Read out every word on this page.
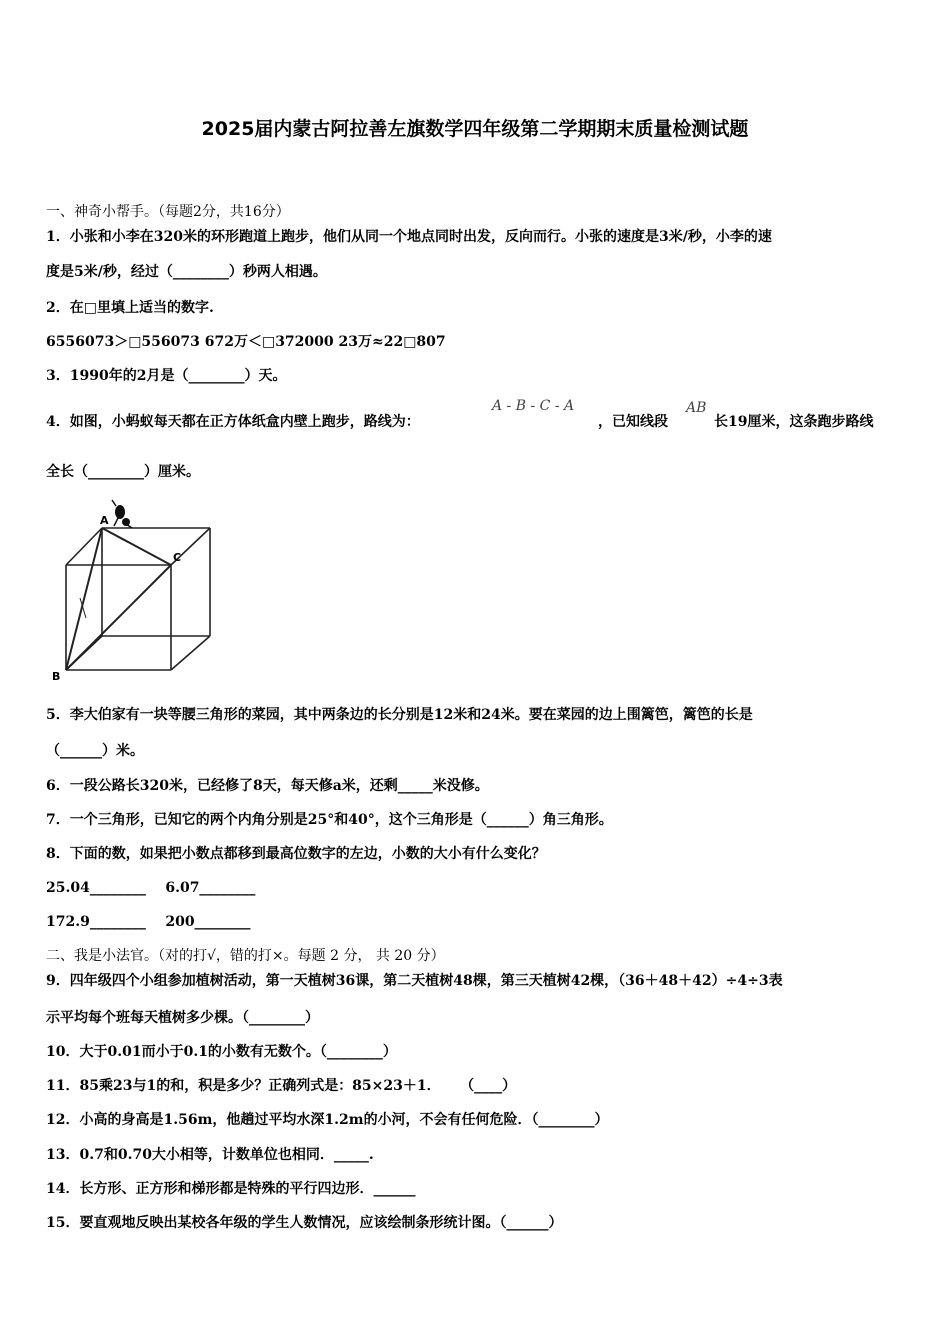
2025届内蒙古阿拉善左旗数学四年级第二学期期末质量检测试题
一、神奇小帮手。（每题2分，共16分）
1．小张和小李在320米的环形跑道上跑步，他们从同一个地点同时出发，反向而行。小张的速度是3米/秒，小李的速
度是5米/秒，经过（________）秒两人相遇。
2．在□里填上适当的数字.
6556073＞□556073 672万＜□372000 23万≈22□807
3．1990年的2月是（________）天。
4．如图，小蚂蚁每天都在正方体纸盒内壁上跑步，路线为：
A - B - C - A
，已知线段
AB
长19厘米，这条跑步路线
全长（________）厘米。
A
C
B
5．李大伯家有一块等腰三角形的菜园，其中两条边的长分别是12米和24米。要在菜园的边上围篱笆，篱笆的长是
（______）米。
6．一段公路长320米，已经修了8天，每天修a米，还剩_____米没修。
7．一个三角形，已知它的两个内角分别是25°和40°，这个三角形是（______）角三角形。
8．下面的数，如果把小数点都移到最高位数字的左边，小数的大小有什么变化？
25.04________    6.07________
172.9________    200________
二、我是小法官。（对的打√，错的打×。每题 2 分， 共 20 分）
9．四年级四个小组参加植树活动，第一天植树36课，第二天植树48棵，第三天植树42棵，（36＋48＋42）÷4÷3表
示平均每个班每天植树多少棵。（________）
10．大于0.01而小于0.1的小数有无数个。（________）
11．85乘23与1的和，积是多少？正确列式是：85×23＋1．    （____）
12．小高的身高是1.56m，他趟过平均水深1.2m的小河，不会有任何危险．（________）
13．0.7和0.70大小相等，计数单位也相同．_____.
14．长方形、正方形和梯形都是特殊的平行四边形．______
15．要直观地反映出某校各年级的学生人数情况，应该绘制条形统计图。（______）
